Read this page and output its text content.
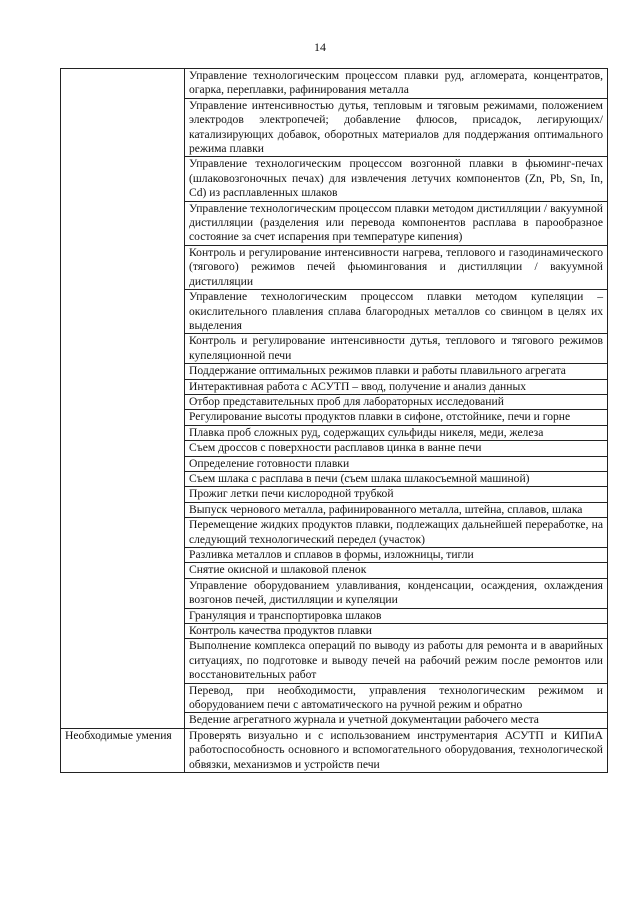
14
	Управление технологическим процессом плавки руд, агломерата, концентратов, огарка, переплавки, рафинирования металла
	Управление интенсивностью дутья, тепловым и тяговым режимами, положением электродов электропечей; добавление флюсов, присадок, легирующих/катализирующих добавок, оборотных материалов для поддержания оптимального режима плавки
	Управление технологическим процессом возгонной плавки в фьюминг-печах (шлаковозгоночных печах) для извлечения летучих компонентов (Zn, Pb, Sn, In, Cd) из расплавленных шлаков
	Управление технологическим процессом плавки методом дистилляции / вакуумной дистилляции (разделения или перевода компонентов расплава в парообразное состояние за счет испарения при температуре кипения)
	Контроль и регулирование интенсивности нагрева, теплового и газодинамического (тягового) режимов печей фьюмингования и дистилляции / вакуумной дистилляции
	Управление технологическим процессом плавки методом купеляции – окислительного плавления сплава благородных металлов со свинцом в целях их выделения
	Контроль и регулирование интенсивности дутья, теплового и тягового режимов купеляционной печи
	Поддержание оптимальных режимов плавки и работы плавильного агрегата
	Интерактивная работа с АСУТП – ввод, получение и анализ данных
	Отбор представительных проб для лабораторных исследований
	Регулирование высоты продуктов плавки в сифоне, отстойнике, печи и горне
	Плавка проб сложных руд, содержащих сульфиды никеля, меди, железа
	Съем дроссов с поверхности расплавов цинка в ванне печи
	Определение готовности плавки
	Съем шлака с расплава в печи (съем шлака шлакосъемной машиной)
	Прожиг летки печи кислородной трубкой
	Выпуск чернового металла, рафинированного металла, штейна, сплавов, шлака
	Перемещение жидких продуктов плавки, подлежащих дальнейшей переработке, на следующий технологический передел (участок)
	Разливка металлов и сплавов в формы, изложницы, тигли
	Снятие окисной и шлаковой пленок
	Управление оборудованием улавливания, конденсации, осаждения, охлаждения возгонов печей, дистилляции и купеляции
	Грануляция и транспортировка шлаков
	Контроль качества продуктов плавки
	Выполнение комплекса операций по выводу из работы для ремонта и в аварийных ситуациях, по подготовке и выводу печей на рабочий режим после ремонтов или восстановительных работ
	Перевод, при необходимости, управления технологическим режимом и оборудованием печи с автоматического на ручной режим и обратно
	Ведение агрегатного журнала и учетной документации рабочего места
Необходимые умения	Проверять визуально и с использованием инструментария АСУТП и КИПиА работоспособность основного и вспомогательного оборудования, технологической обвязки, механизмов и устройств печи
